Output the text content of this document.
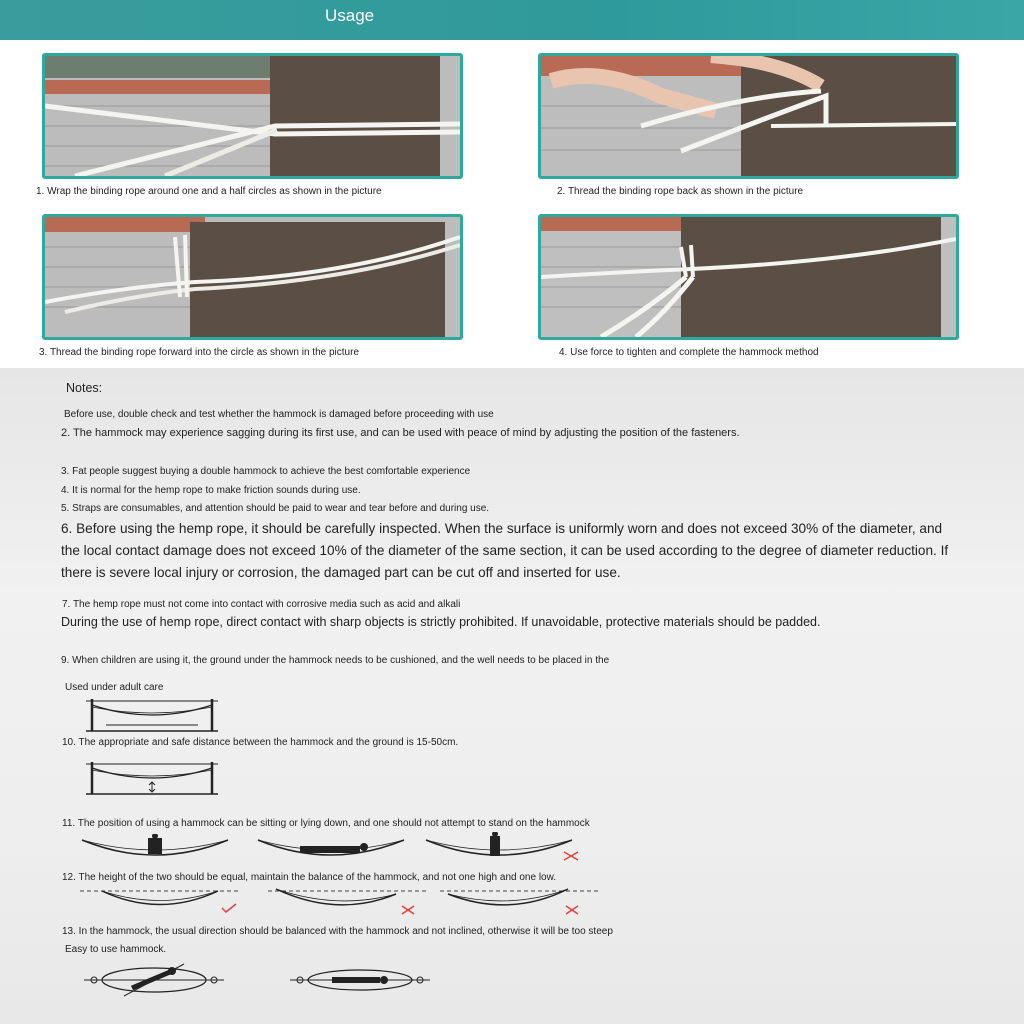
Usage
1. Wrap the binding rope around one and a half circles as shown in the picture	2. Thread the binding rope back as shown in the picture
3. Thread the binding rope forward into the circle as shown in the picture	4. Use force to tighten and complete the hammock method
Notes:
Before use, double check and test whether the hammock is damaged before proceeding with use
2. The hammock may experience sagging during its first use, and can be used with peace of mind by adjusting the position of the fasteners.
3. Fat people suggest buying a double hammock to achieve the best comfortable experience
4. It is normal for the hemp rope to make friction sounds during use.
5. Straps are consumables, and attention should be paid to wear and tear before and during use.
6. Before using the hemp rope, it should be carefully inspected. When the surface is uniformly worn and does not exceed 30% of the diameter, and the local contact damage does not exceed 10% of the diameter of the same section, it can be used according to the degree of diameter reduction. If there is severe local injury or corrosion, the damaged part can be cut off and inserted for use.
7. The hemp rope must not come into contact with corrosive media such as acid and alkali
During the use of hemp rope, direct contact with sharp objects is strictly prohibited. If unavoidable, protective materials should be padded.
9. When children are using it, the ground under the hammock needs to be cushioned, and the well needs to be placed in the
Used under adult care
10. The appropriate and safe distance between the hammock and the ground is 15-50cm.
11. The position of using a hammock can be sitting or lying down, and one should not attempt to stand on the hammock
12. The height of the two should be equal, maintain the balance of the hammock, and not one high and one low.
13. In the hammock, the usual direction should be balanced with the hammock and not inclined, otherwise it will be too steep
Easy to use hammock.
